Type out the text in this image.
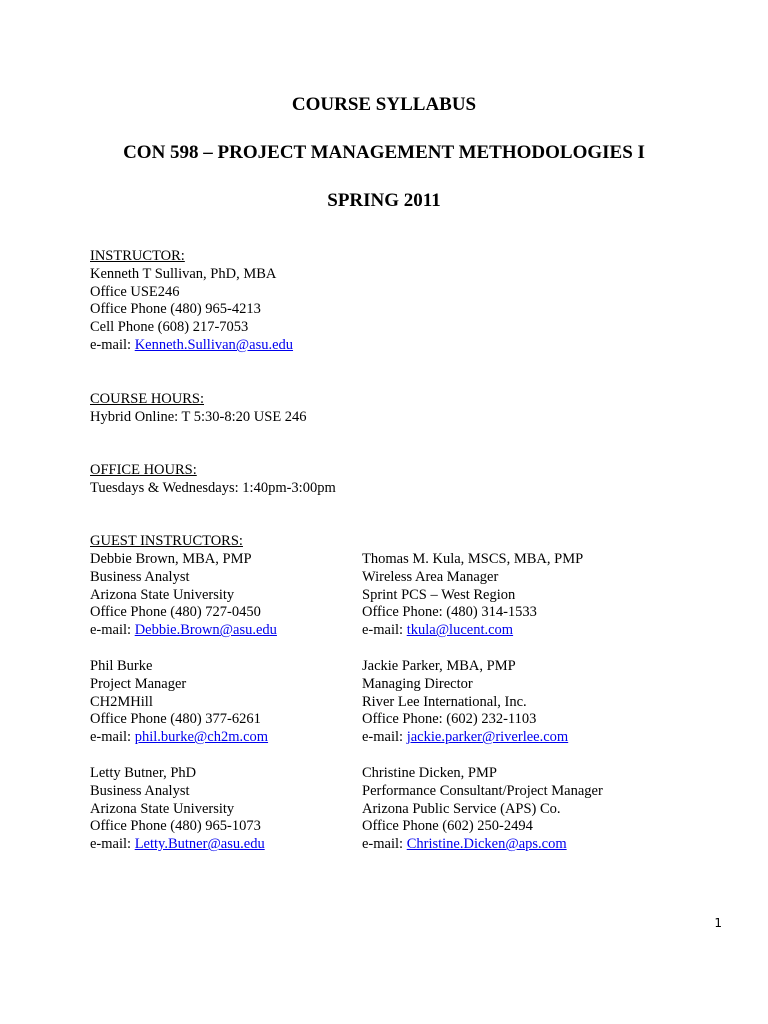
COURSE SYLLABUS
CON 598 – PROJECT MANAGEMENT METHODOLOGIES I
SPRING 2011
INSTRUCTOR:
Kenneth T Sullivan, PhD, MBA
Office USE246
Office Phone (480) 965-4213
Cell Phone (608) 217-7053
e-mail: Kenneth.Sullivan@asu.edu
COURSE HOURS:
Hybrid Online: T 5:30-8:20 USE 246
OFFICE HOURS:
Tuesdays & Wednesdays: 1:40pm-3:00pm
GUEST INSTRUCTORS:
Debbie Brown, MBA, PMP
Business Analyst
Arizona State University
Office Phone (480) 727-0450
e-mail: Debbie.Brown@asu.edu
Thomas M. Kula, MSCS, MBA, PMP
Wireless Area Manager
Sprint PCS – West Region
Office Phone: (480) 314-1533
e-mail: tkula@lucent.com
Phil Burke
Project Manager
CH2MHill
Office Phone (480) 377-6261
e-mail: phil.burke@ch2m.com
Jackie Parker, MBA, PMP
Managing Director
River Lee International, Inc.
Office Phone: (602) 232-1103
e-mail: jackie.parker@riverlee.com
Letty Butner, PhD
Business Analyst
Arizona State University
Office Phone (480) 965-1073
e-mail: Letty.Butner@asu.edu
Christine Dicken, PMP
Performance Consultant/Project Manager
Arizona Public Service (APS) Co.
Office Phone (602) 250-2494
e-mail: Christine.Dicken@aps.com
1
